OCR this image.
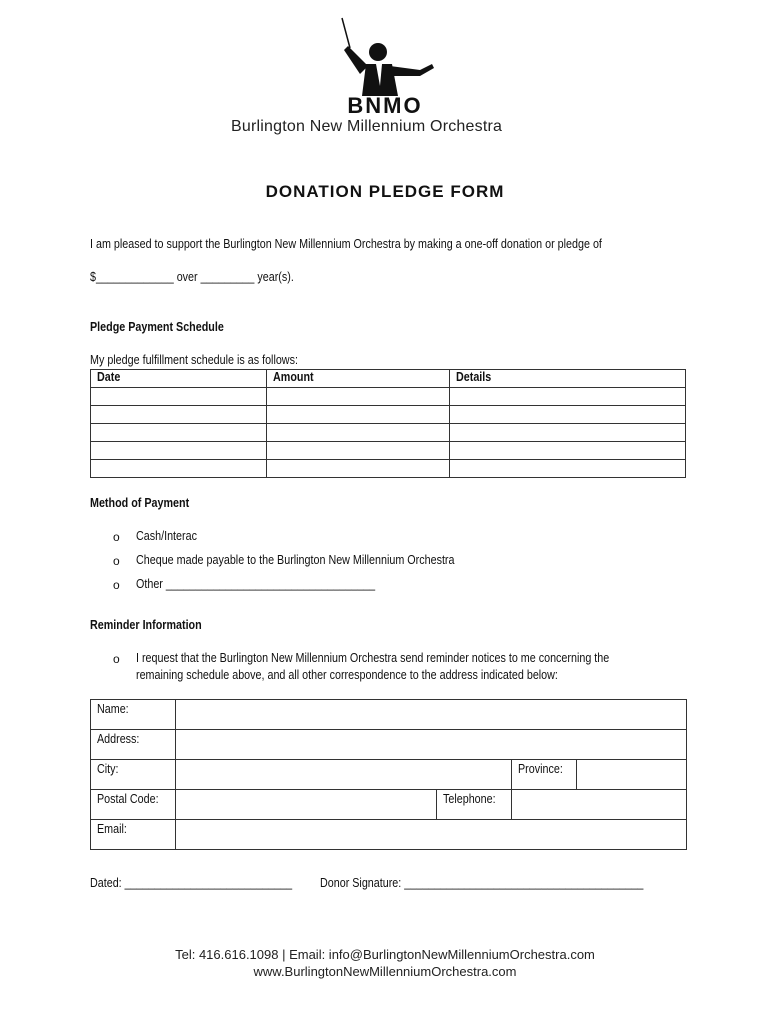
BNMO
Burlington New Millennium Orchestra
DONATION PLEDGE FORM
I am pleased to support the Burlington New Millennium Orchestra by making a one-off donation or pledge of
$_____________ over _________ year(s).
Pledge Payment Schedule
My pledge fulfillment schedule is as follows:
Date	Amount	Details

Method of Payment
o Cash/Interac
o Cheque made payable to the Burlington New Millennium Orchestra
o Other ___________________________________
Reminder Information
o I request that the Burlington New Millennium Orchestra send reminder notices to me concerning the
remaining schedule above, and all other correspondence to the address indicated below:
Name:				
Address:				
City:			Province:	
Postal Code:		Telephone:		
Email:				
Dated: ____________________________ Donor Signature: ________________________________________
Tel: 416.616.1098 | Email: info@BurlingtonNewMillenniumOrchestra.com
www.BurlingtonNewMillenniumOrchestra.com
